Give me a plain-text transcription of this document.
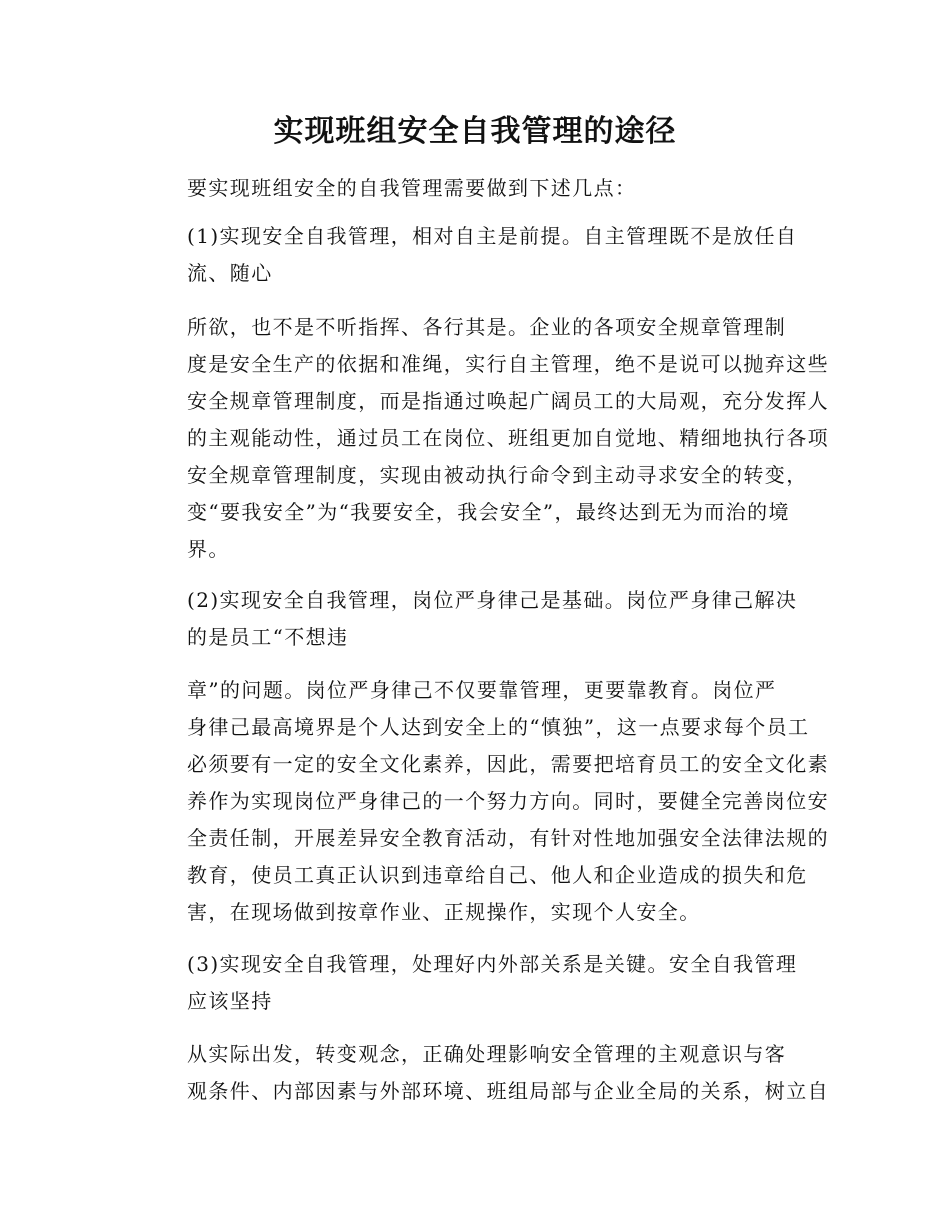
实现班组安全自我管理的途径

要实现班组安全的自我管理需要做到下述几点：

(1)实现安全自我管理，相对自主是前提。自主管理既不是放任自
流、随心

所欲，也不是不听指挥、各行其是。企业的各项安全规章管理制
度是安全生产的依据和准绳，实行自主管理，绝不是说可以抛弃这些
安全规章管理制度，而是指通过唤起广阔员工的大局观，充分发挥人
的主观能动性，通过员工在岗位、班组更加自觉地、精细地执行各项
安全规章管理制度，实现由被动执行命令到主动寻求安全的转变，
变“要我安全”为“我要安全，我会安全”，最终达到无为而治的境
界。

(2)实现安全自我管理，岗位严身律己是基础。岗位严身律己解决
的是员工“不想违

章”的问题。岗位严身律己不仅要靠管理，更要靠教育。岗位严
身律己最高境界是个人达到安全上的“慎独”，这一点要求每个员工
必须要有一定的安全文化素养，因此，需要把培育员工的安全文化素
养作为实现岗位严身律己的一个努力方向。同时，要健全完善岗位安
全责任制，开展差异安全教育活动，有针对性地加强安全法律法规的
教育，使员工真正认识到违章给自己、他人和企业造成的损失和危
害，在现场做到按章作业、正规操作，实现个人安全。

(3)实现安全自我管理，处理好内外部关系是关键。安全自我管理
应该坚持

从实际出发，转变观念，正确处理影响安全管理的主观意识与客
观条件、内部因素与外部环境、班组局部与企业全局的关系，树立自
